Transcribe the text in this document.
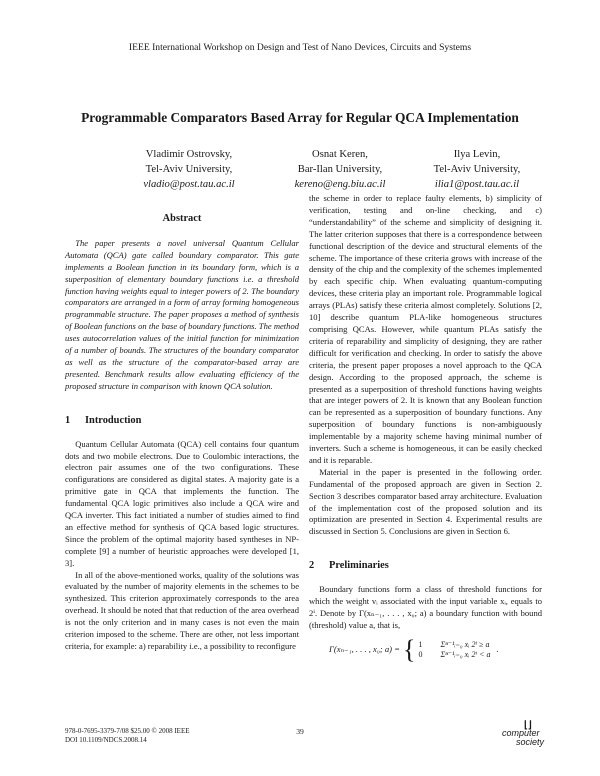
IEEE International Workshop on Design and Test of Nano Devices, Circuits and Systems
Programmable Comparators Based Array for Regular QCA Implementation
Vladimir Ostrovsky,
Tel-Aviv University,
vladio@post.tau.ac.il
Osnat Keren,
Bar-Ilan University,
kereno@eng.biu.ac.il
Ilya Levin,
Tel-Aviv University,
ilia1@post.tau.ac.il
Abstract

The paper presents a novel universal Quantum Cellular Automata (QCA) gate called boundary comparator. This gate implements a Boolean function in its boundary form, which is a superposition of elementary boundary functions i.e. a threshold function having weights equal to integer powers of 2. The boundary comparators are arranged in a form of array forming homogeneous programmable structure. The paper proposes a method of synthesis of Boolean functions on the base of boundary functions. The method uses autocorrelation values of the initial function for minimization of a number of bounds. The structures of the boundary comparator as well as the structure of the comparator-based array are presented. Benchmark results allow evaluating efficiency of the proposed structure in comparison with known QCA solution.

1 Introduction

Quantum Cellular Automata (QCA) cell contains four quantum dots and two mobile electrons. Due to Coulombic interactions, the electron pair assumes one of the two configurations. These configurations are considered as digital states. A majority gate is a primitive gate in QCA that implements the function. The fundamental QCA logic primitives also include a QCA wire and QCA inverter. This fact initiated a number of studies aimed to find an effective method for synthesis of QCA based logic structures. Since the problem of the optimal majority based syntheses in NP-complete [9] a number of heuristic approaches were developed [1, 3].

In all of the above-mentioned works, quality of the solutions was evaluated by the number of majority elements in the schemes to be synthesized. This criterion approximately corresponds to the area overhead. It should be noted that that reduction of the area overhead is not the only criterion and in many cases is not even the main criterion imposed to the scheme. There are other, not less important criteria, for example: a) reparability i.e., a possibility to reconfigure

the scheme in order to replace faulty elements, b) simplicity of verification, testing and on-line checking, and c) “understandability” of the scheme and simplicity of designing it. The latter criterion supposes that there is a correspondence between functional description of the device and structural elements of the scheme. The importance of these criteria grows with increase of the density of the chip and the complexity of the schemes implemented by each specific chip. When evaluating quantum-computing devices, these criteria play an important role. Programmable logical arrays (PLAs) satisfy these criteria almost completely. Solutions [2, 10] describe quantum PLA-like homogeneous structures comprising QCAs. However, while quantum PLAs satisfy the criteria of reparability and simplicity of designing, they are rather difficult for verification and checking. In order to satisfy the above criteria, the present paper proposes a novel approach to the QCA design. According to the proposed approach, the scheme is presented as a superposition of threshold functions having weights that are integer powers of 2. It is known that any Boolean function can be represented as a superposition of boundary functions. Any superposition of boundary functions is non-ambiguously implementable by a majority scheme having minimal number of inverters. Such a scheme is homogeneous, it can be easily checked and it is reparable.

Material in the paper is presented in the following order. Fundamental of the proposed approach are given in Section 2. Section 3 describes comparator based array architecture. Evaluation of the implementation cost of the proposed solution and its optimization are presented in Section 4. Experimental results are discussed in Section 5. Conclusions are given in Section 6.

2 Preliminaries

Boundary functions form a class of threshold functions for which the weight vᵢ associated with the input variable xᵢ, equals to 2ⁱ. Denote by Γ(xₙ₋₁, . . . , x₀; a) a boundary function with bound (threshold) value a, that is,

Γ(xₙ₋₁, . . . , x₀; a) = { 1 Σⁿ⁻¹ᵢ₌₀ xᵢ 2ⁱ ≥ a
0 Σⁿ⁻¹ᵢ₌₀ xᵢ 2ⁱ < a
.
978-0-7695-3379-7/08 $25.00 © 2008 IEEE
DOI 10.1109/NDCS.2008.14
39
⌊⌋
computer
society
